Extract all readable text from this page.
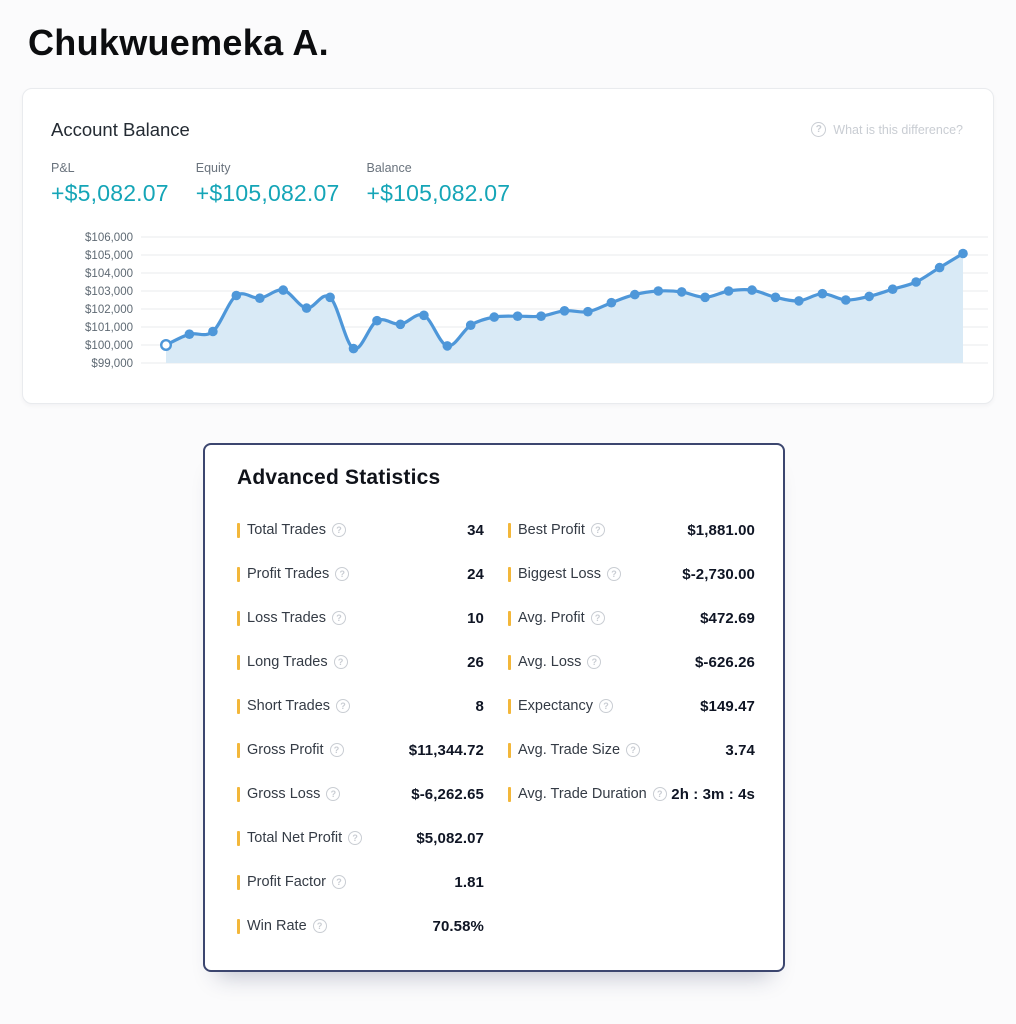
Chukwuemeka A.
Account Balance	? What is this difference?
P&L
+$5,082.07
Equity
+$105,082.07
Balance
+$105,082.07
$106,000
$105,000
$104,000
$103,000
$102,000
$101,000
$100,000
$99,000
Advanced Statistics
Total Trades	?	34
Profit Trades	?	24
Loss Trades	?	10
Long Trades	?	26
Short Trades	?	8
Gross Profit	?	$11,344.72
Gross Loss	?	$-6,262.65
Total Net Profit	?	$5,082.07
Profit Factor	?	1.81
Win Rate	?	70.58%
Best Profit	?	$1,881.00
Biggest Loss	?	$-2,730.00
Avg. Profit	?	$472.69
Avg. Loss	?	$-626.26
Expectancy	?	$149.47
Avg. Trade Size	?	3.74
Avg. Trade Duration	? 2h : 3m : 4s
